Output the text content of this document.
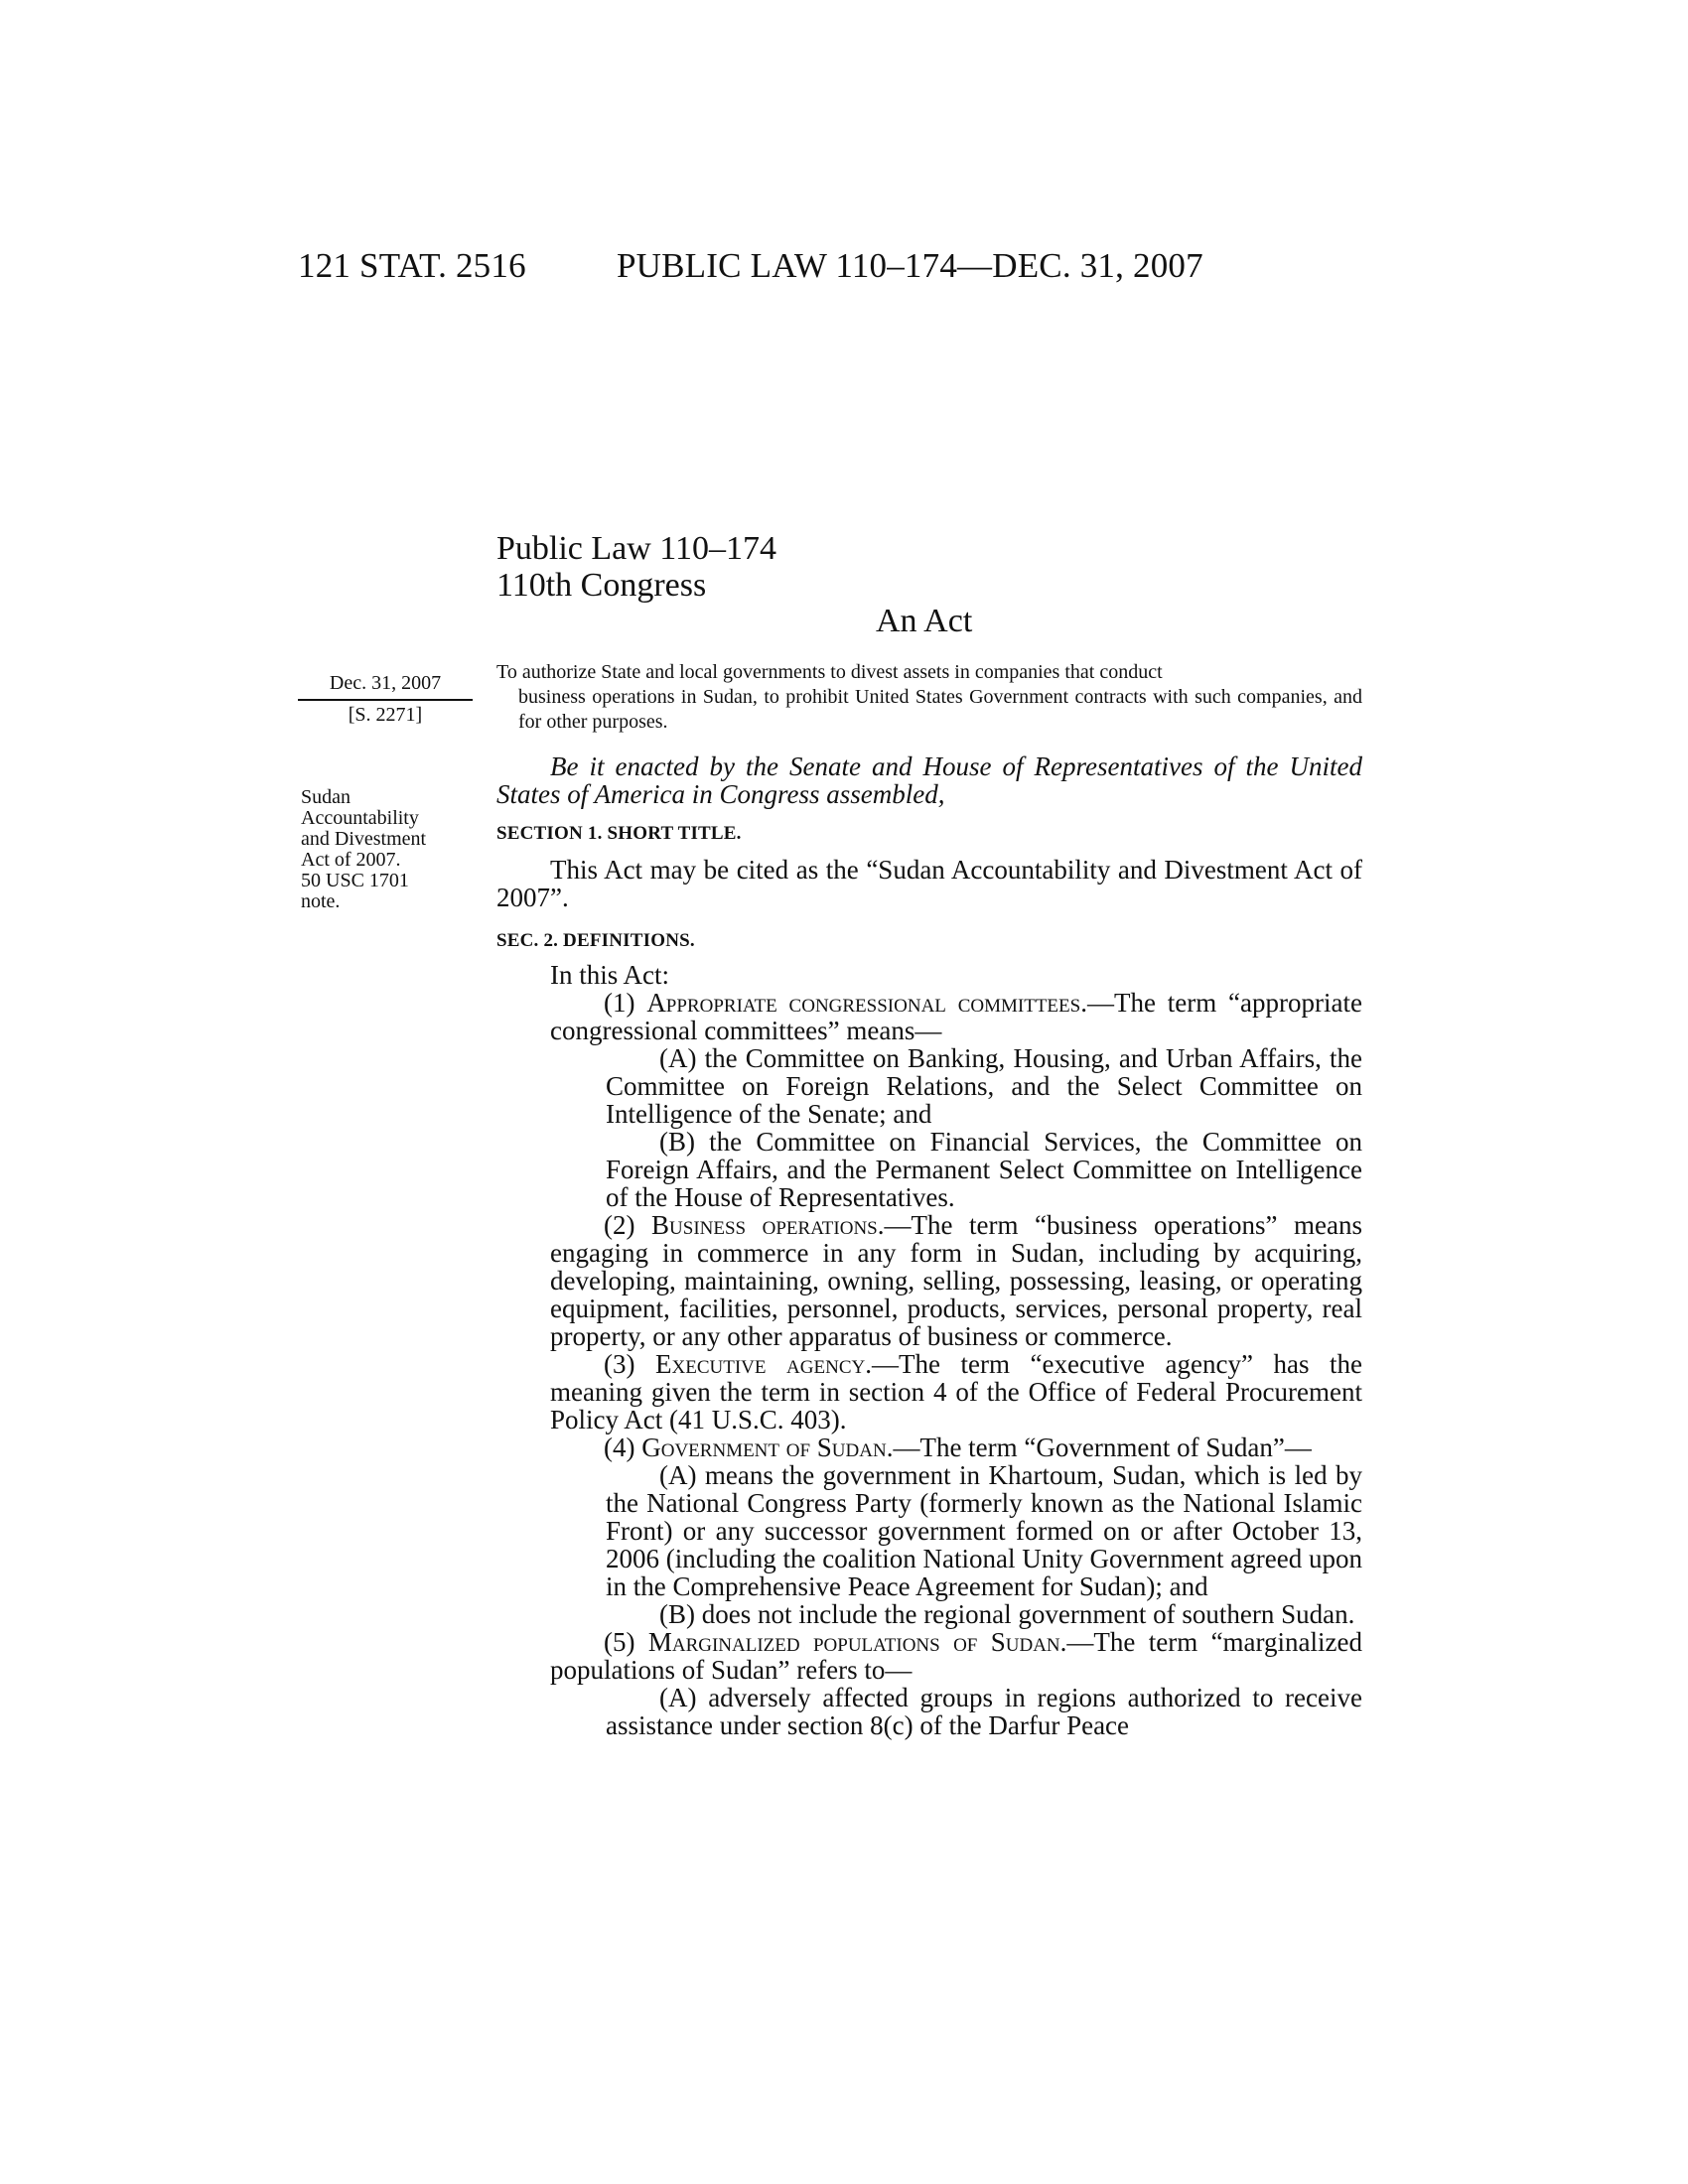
121 STAT. 2516	PUBLIC LAW 110–174—DEC. 31, 2007
Public Law 110–174
110th Congress
An Act
To authorize State and local governments to divest assets in companies that conduct
business operations in Sudan, to prohibit United States Government contracts with such companies, and for other purposes.
Dec. 31, 2007
[S. 2271]
Sudan
Accountability
and Divestment
Act of 2007.
50 USC 1701
note.

Be it enacted by the Senate and House of Representatives of the United States of America in Congress assembled,

SECTION 1. SHORT TITLE.

This Act may be cited as the “Sudan Accountability and Divestment Act of 2007”.

SEC. 2. DEFINITIONS.

In this Act:

(1) Appropriate congressional committees.—The term “appropriate congressional committees” means—

(A) the Committee on Banking, Housing, and Urban Affairs, the Committee on Foreign Relations, and the Select Committee on Intelligence of the Senate; and

(B) the Committee on Financial Services, the Committee on Foreign Affairs, and the Permanent Select Committee on Intelligence of the House of Representatives.

(2) Business operations.—The term “business operations” means engaging in commerce in any form in Sudan, including by acquiring, developing, maintaining, owning, selling, possessing, leasing, or operating equipment, facilities, personnel, products, services, personal property, real property, or any other apparatus of business or commerce.

(3) Executive agency.—The term “executive agency” has the meaning given the term in section 4 of the Office of Federal Procurement Policy Act (41 U.S.C. 403).

(4) Government of Sudan.—The term “Government of Sudan”—

(A) means the government in Khartoum, Sudan, which is led by the National Congress Party (formerly known as the National Islamic Front) or any successor government formed on or after October 13, 2006 (including the coalition National Unity Government agreed upon in the Comprehensive Peace Agreement for Sudan); and

(B) does not include the regional government of southern Sudan.

(5) Marginalized populations of Sudan.—The term “marginalized populations of Sudan” refers to—

(A) adversely affected groups in regions authorized to receive assistance under section 8(c) of the Darfur Peace
